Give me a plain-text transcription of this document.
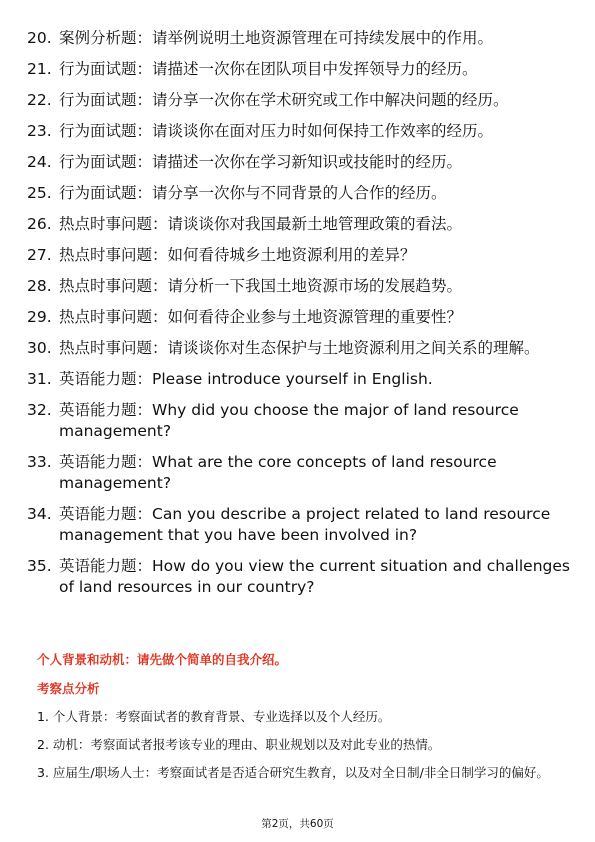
20. 案例分析题：请举例说明土地资源管理在可持续发展中的作用。
21. 行为面试题：请描述一次你在团队项目中发挥领导力的经历。
22. 行为面试题：请分享一次你在学术研究或工作中解决问题的经历。
23. 行为面试题：请谈谈你在面对压力时如何保持工作效率的经历。
24. 行为面试题：请描述一次你在学习新知识或技能时的经历。
25. 行为面试题：请分享一次你与不同背景的人合作的经历。
26. 热点时事问题：请谈谈你对我国最新土地管理政策的看法。
27. 热点时事问题：如何看待城乡土地资源利用的差异？
28. 热点时事问题：请分析一下我国土地资源市场的发展趋势。
29. 热点时事问题：如何看待企业参与土地资源管理的重要性？
30. 热点时事问题：请谈谈你对生态保护与土地资源利用之间关系的理解。
31. 英语能力题：Please introduce yourself in English.
32. 英语能力题：Why did you choose the major of land resource management?
33. 英语能力题：What are the core concepts of land resource management?
34. 英语能力题：Can you describe a project related to land resource management that you have been involved in?
35. 英语能力题：How do you view the current situation and challenges of land resources in our country?
个人背景和动机：请先做个简单的自我介绍。
考察点分析
1. 个人背景：考察面试者的教育背景、专业选择以及个人经历。
2. 动机：考察面试者报考该专业的理由、职业规划以及对此专业的热情。
3. 应届生/职场人士：考察面试者是否适合研究生教育，以及对全日制/非全日制学习的偏好。
第2页，共60页
